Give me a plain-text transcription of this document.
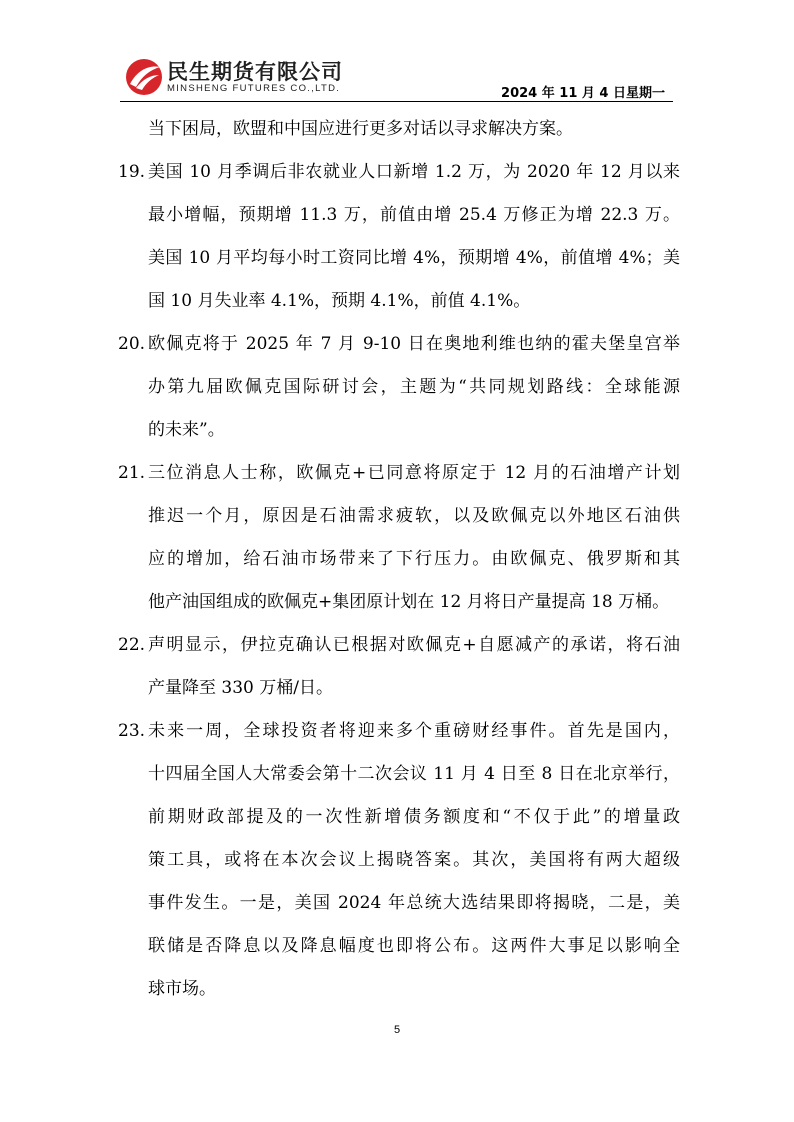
民生期货有限公司
MINSHENG FUTURES CO.,LTD.	2024 年 11 月 4 日星期一
当下困局，欧盟和中国应进行更多对话以寻求解决方案。
19. 美国 10 月季调后非农就业人口新增 1.2 万，为 2020 年 12 月以来
最小增幅，预期增 11.3 万，前值由增 25.4 万修正为增 22.3 万。
美国 10 月平均每小时工资同比增 4%，预期增 4%，前值增 4%；美
国 10 月失业率 4.1%，预期 4.1%，前值 4.1%。
20. 欧佩克将于 2025 年 7 月 9-10 日在奥地利维也纳的霍夫堡皇宫举
办第九届欧佩克国际研讨会，主题为“共同规划路线：全球能源
的未来”。
21. 三位消息人士称，欧佩克+已同意将原定于 12 月的石油增产计划
推迟一个月，原因是石油需求疲软，以及欧佩克以外地区石油供
应的增加，给石油市场带来了下行压力。由欧佩克、俄罗斯和其
他产油国组成的欧佩克+集团原计划在 12 月将日产量提高 18 万桶。
22. 声明显示，伊拉克确认已根据对欧佩克+自愿减产的承诺，将石油
产量降至 330 万桶/日。
23. 未来一周，全球投资者将迎来多个重磅财经事件。首先是国内，
十四届全国人大常委会第十二次会议 11 月 4 日至 8 日在北京举行，
前期财政部提及的一次性新增债务额度和“不仅于此”的增量政
策工具，或将在本次会议上揭晓答案。其次，美国将有两大超级
事件发生。一是，美国 2024 年总统大选结果即将揭晓，二是，美
联储是否降息以及降息幅度也即将公布。这两件大事足以影响全
球市场。
5
